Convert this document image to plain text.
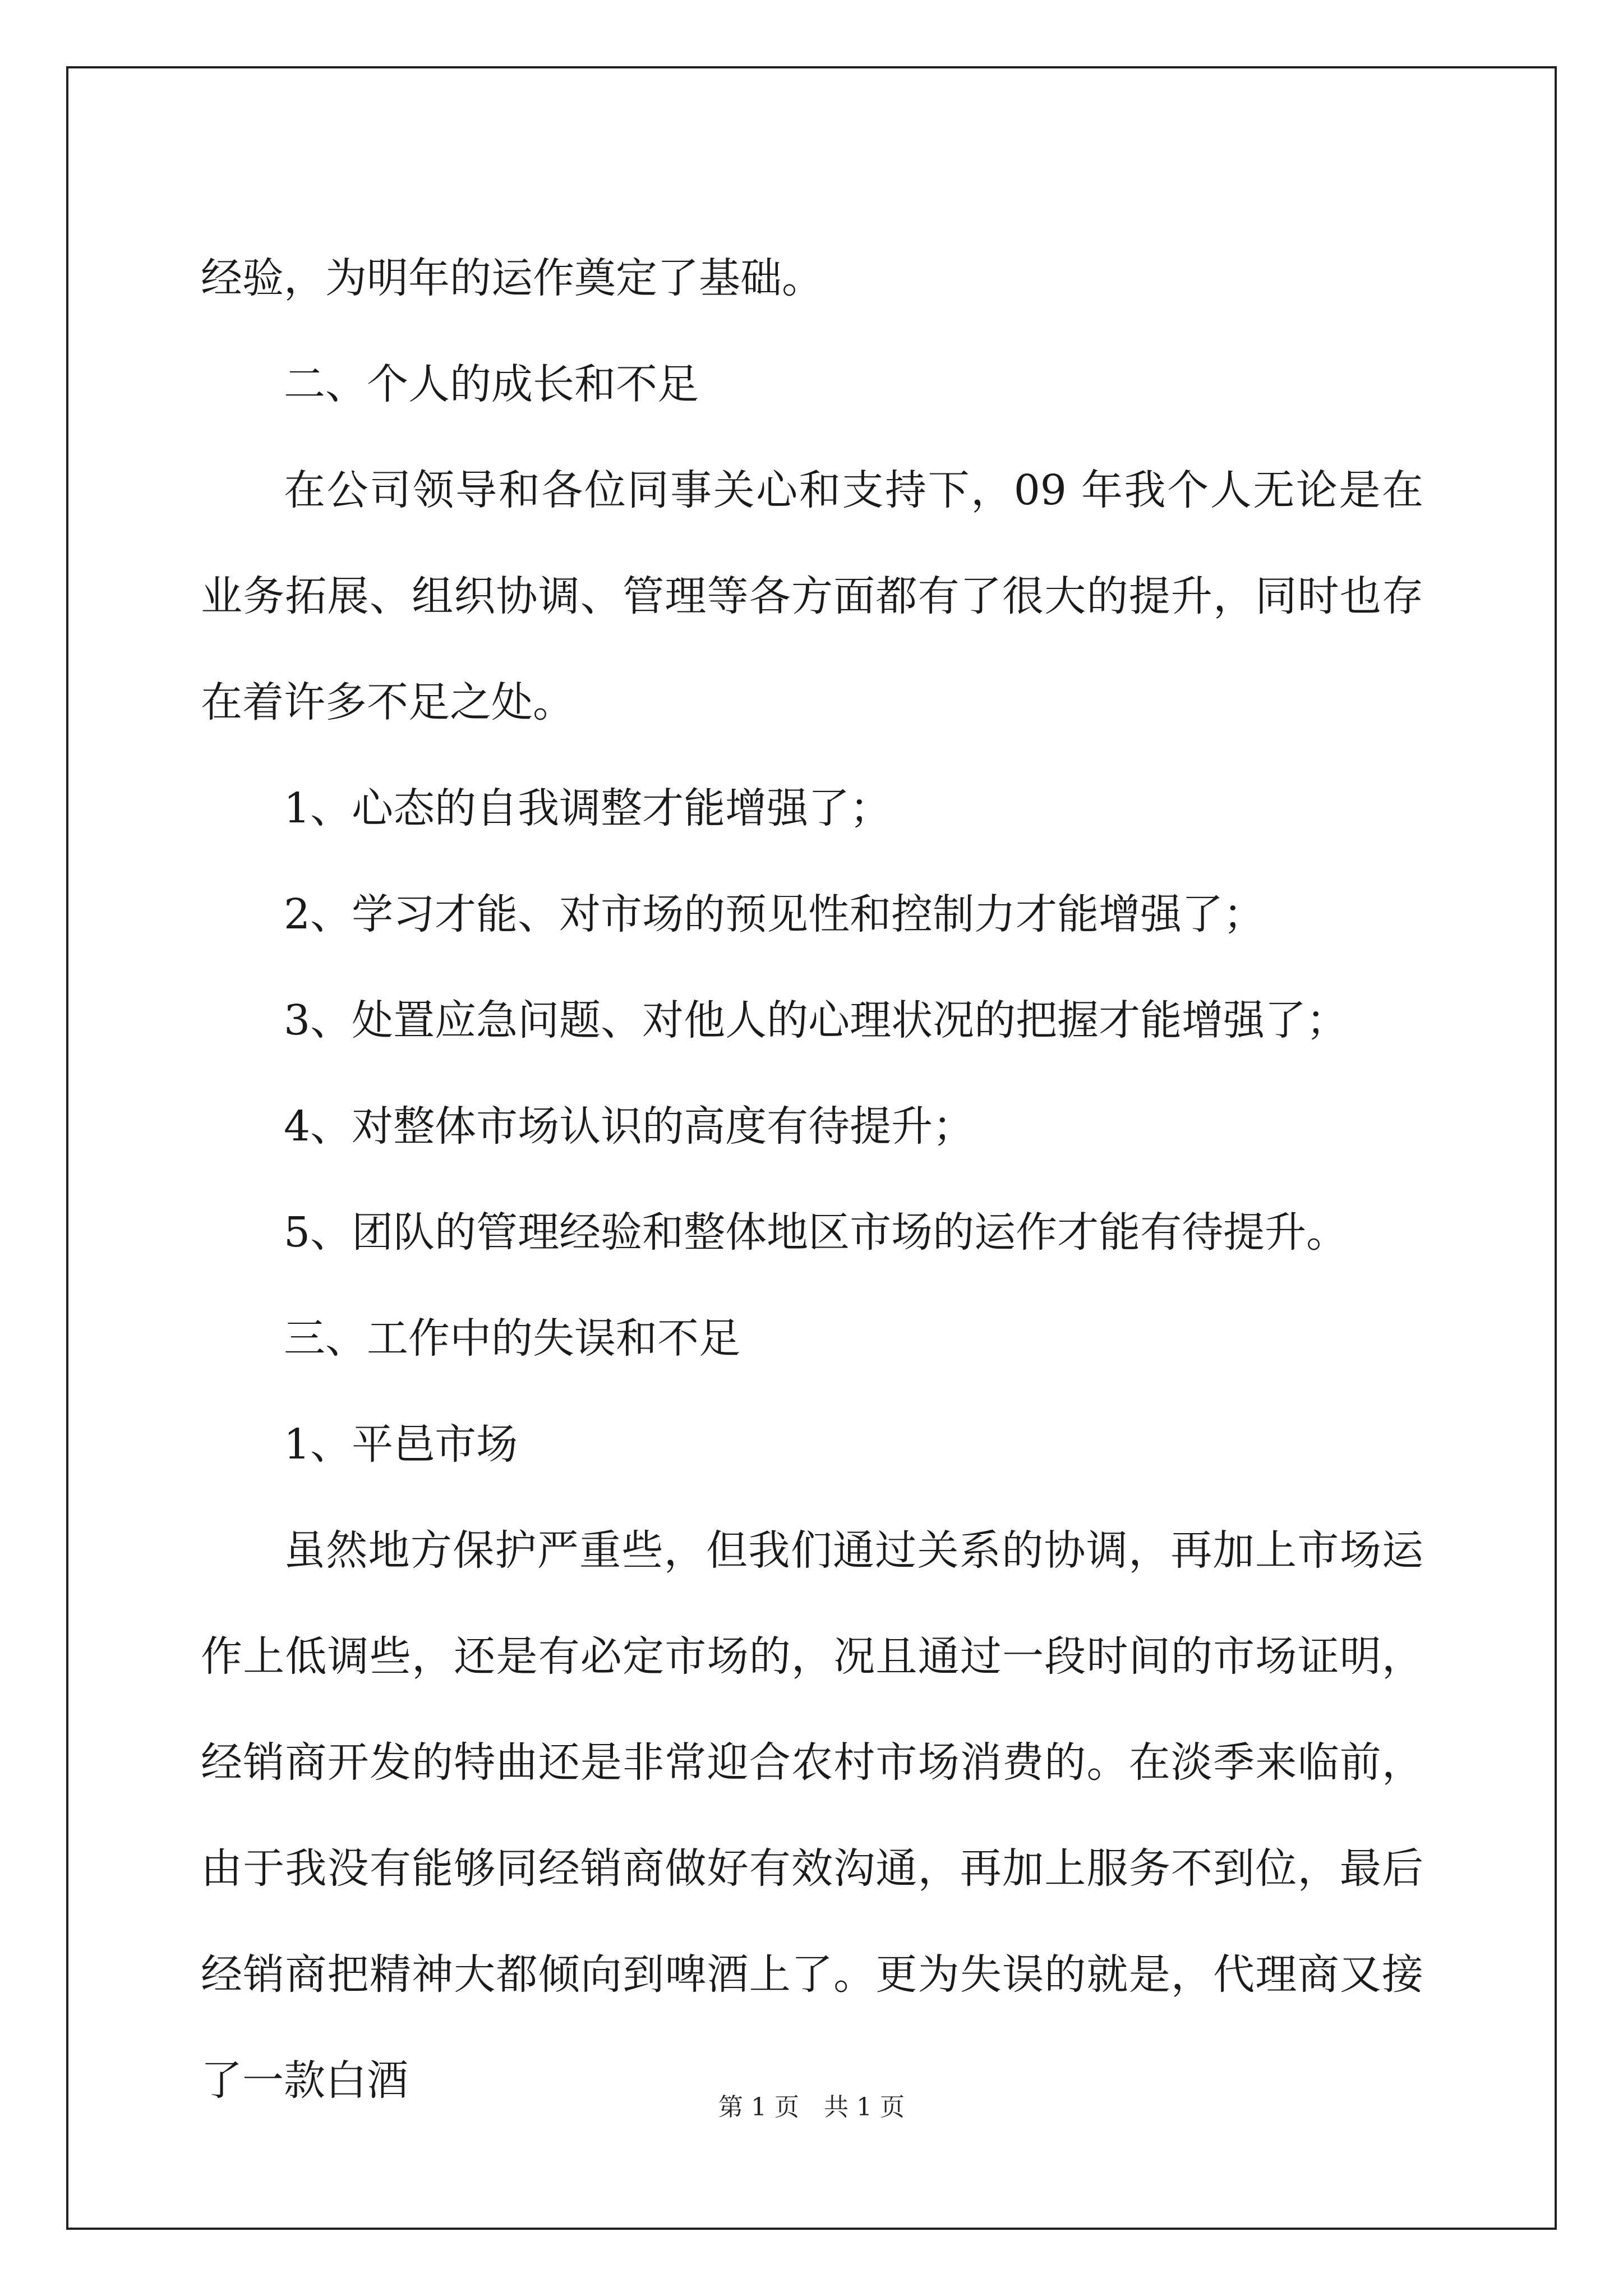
经验，为明年的运作奠定了基础。

二、个人的成长和不足

在公司领导和各位同事关心和支持下，09 年我个人无论是在业务拓展、组织协调、管理等各方面都有了很大的提升，同时也存在着许多不足之处。

1、心态的自我调整才能增强了；

2、学习才能、对市场的预见性和控制力才能增强了；

3、处置应急问题、对他人的心理状况的把握才能增强了；

4、对整体市场认识的高度有待提升；

5、团队的管理经验和整体地区市场的运作才能有待提升。

三、工作中的失误和不足

1、平邑市场

虽然地方保护严重些，但我们通过关系的协调，再加上市场运作上低调些，还是有必定市场的，况且通过一段时间的市场证明，经销商开发的特曲还是非常迎合农村市场消费的。在淡季来临前，由于我没有能够同经销商做好有效沟通，再加上服务不到位，最后经销商把精神大都倾向到啤酒上了。更为失误的就是，代理商又接了一款白酒

第 1 页　共 1 页
